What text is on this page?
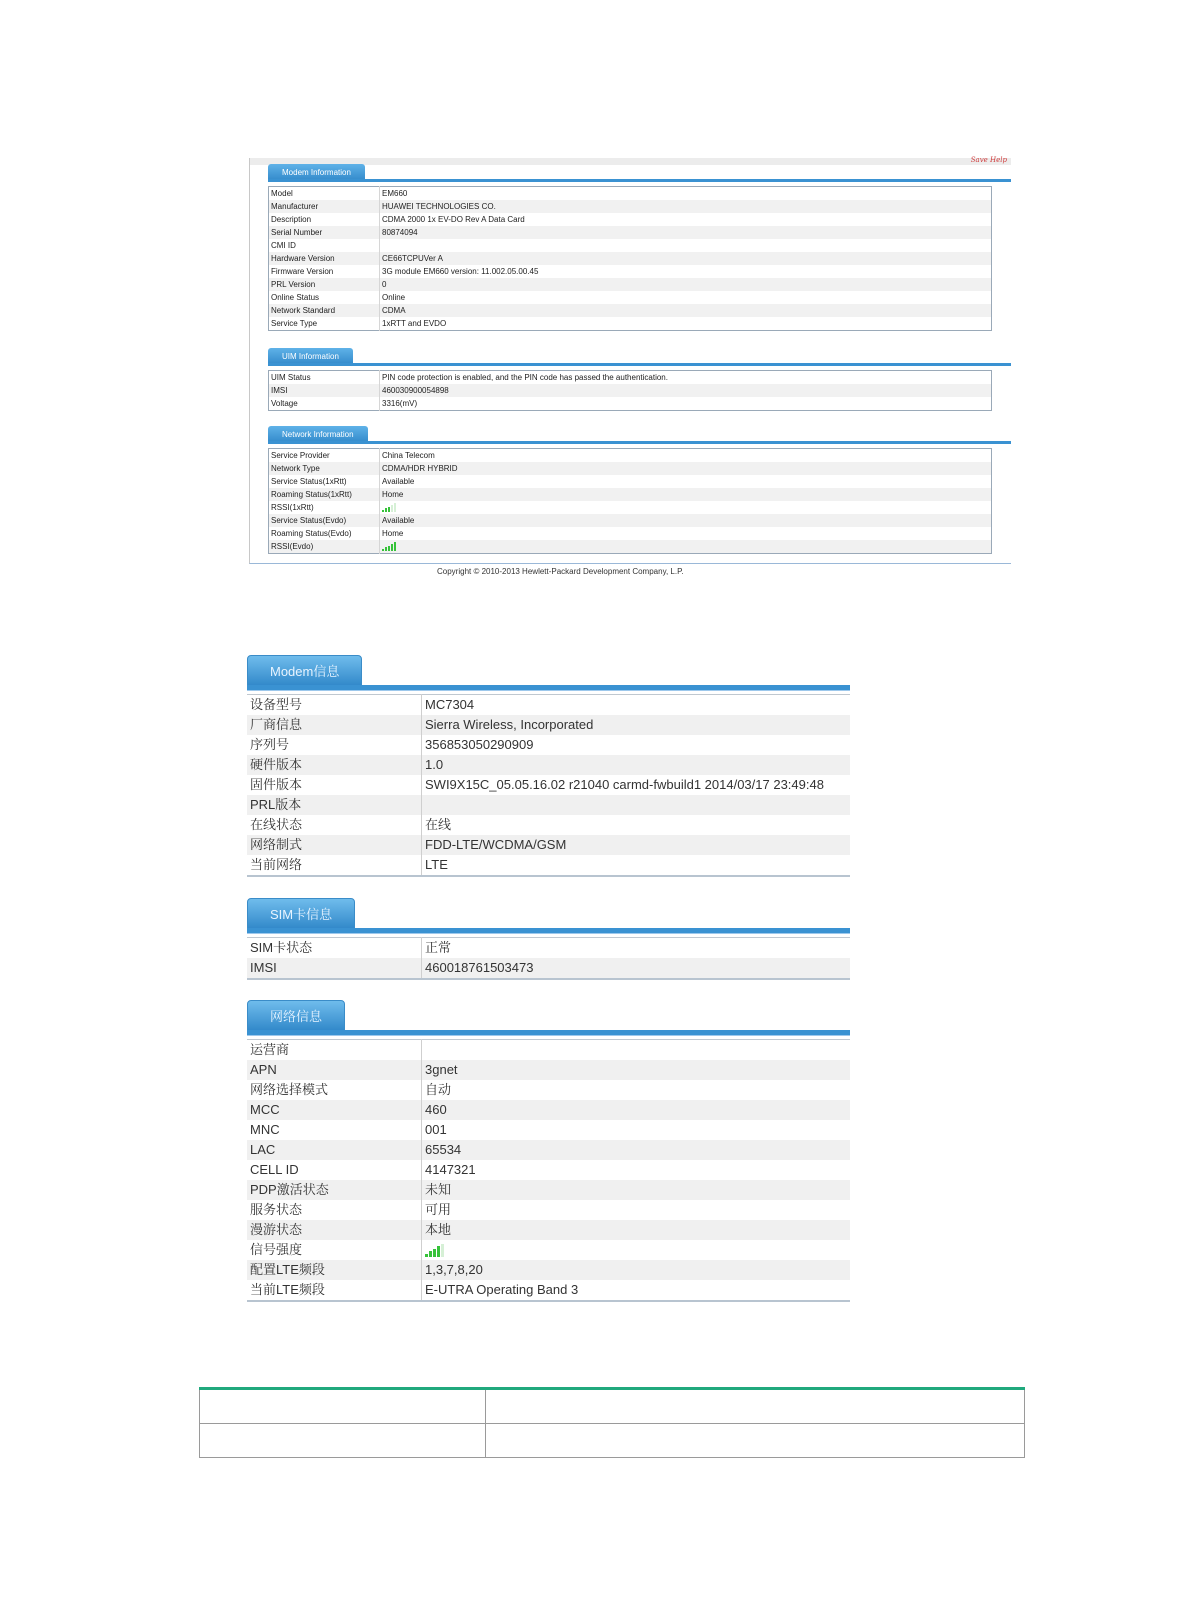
Save Help
Modem Information
Model	EM660
Manufacturer	HUAWEI TECHNOLOGIES CO.
Description	CDMA 2000 1x EV-DO Rev A Data Card
Serial Number	80874094
CMI ID	
Hardware Version	CE66TCPUVer A
Firmware Version	3G module EM660 version: 11.002.05.00.45
PRL Version	0
Online Status	Online
Network Standard	CDMA
Service Type	1xRTT and EVDO
UIM Information
UIM Status	PIN code protection is enabled, and the PIN code has passed the authentication.
IMSI	460030900054898
Voltage	3316(mV)
Network Information
Service Provider	China Telecom
Network Type	CDMA/HDR HYBRID
Service Status(1xRtt)	Available
Roaming Status(1xRtt)	Home
RSSI(1xRtt)	

Service Status(Evdo)	Available
Roaming Status(Evdo)	Home
RSSI(Evdo)	
Copyright © 2010-2013 Hewlett-Packard Development Company, L.P.
Modem信息
设备型号	MC7304
厂商信息	Sierra Wireless, Incorporated
序列号	356853050290909
硬件版本	1.0
固件版本	SWI9X15C_05.05.16.02 r21040 carmd-fwbuild1 2014/03/17 23:49:48
PRL版本	
在线状态	在线
网络制式	FDD-LTE/WCDMA/GSM
当前网络	LTE
SIM卡信息
SIM卡状态	正常
IMSI	460018761503473
网络信息
运营商	
APN	3gnet
网络选择模式	自动
MCC	460
MNC	001
LAC	65534
CELL ID	4147321
PDP激活状态	未知
服务状态	可用
漫游状态	本地
信号强度	

配置LTE频段	1,3,7,8,20
当前LTE频段	E-UTRA Operating Band 3
